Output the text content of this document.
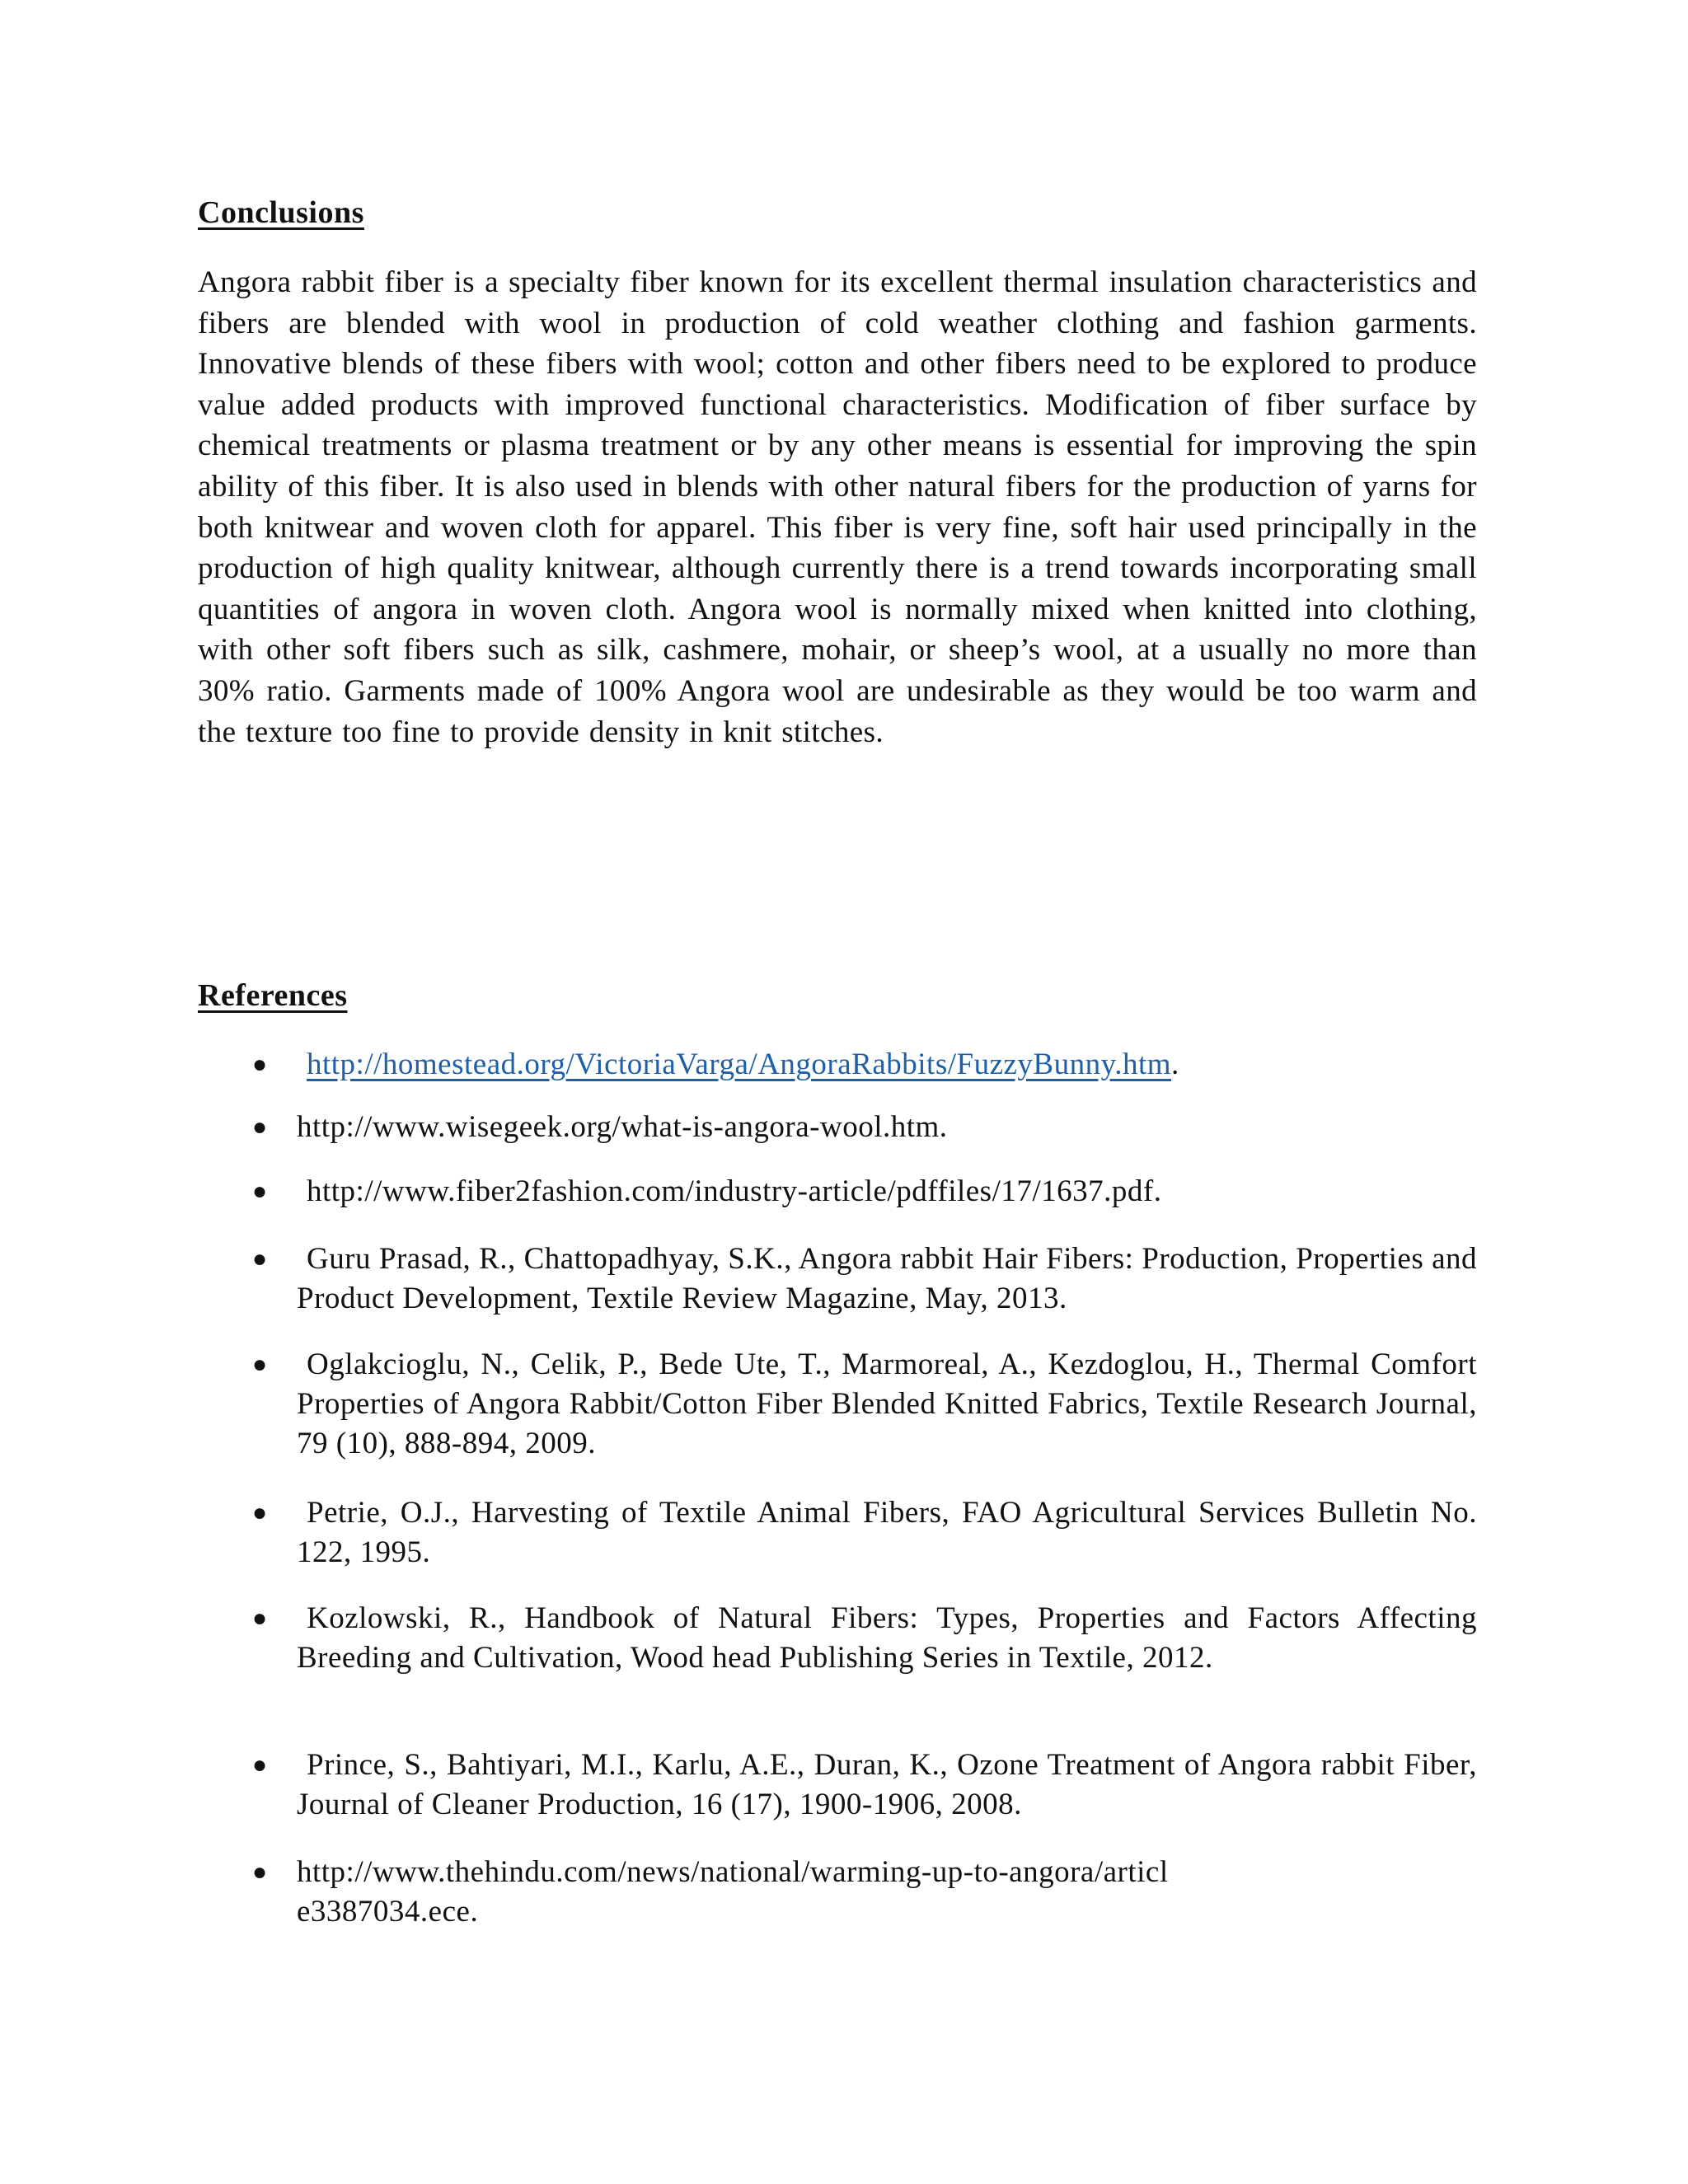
Conclusions

Angora rabbit fiber is a specialty fiber known for its excellent thermal insulation characteristics and fibers are blended with wool in production of cold weather clothing and fashion garments. Innovative blends of these fibers with wool; cotton and other fibers need to be explored to produce value added products with improved functional characteristics. Modification of fiber surface by chemical treatments or plasma treatment or by any other means is essential for improving the spin ability of this fiber. It is also used in blends with other natural fibers for the production of yarns for both knitwear and woven cloth for apparel. This fiber is very fine, soft hair used principally in the production of high quality knitwear, although currently there is a trend towards incorporating small quantities of angora in woven cloth. Angora wool is normally mixed when knitted into clothing, with other soft fibers such as silk, cashmere, mohair, or sheep’s wool, at a usually no more than 30% ratio. Garments made of 100% Angora wool are undesirable as they would be too warm and the texture too fine to provide density in knit stitches.

References
●	http://homestead.org/VictoriaVarga/AngoraRabbits/FuzzyBunny.htm.
● http://www.wisegeek.org/what-is-angora-wool.htm.
●	http://www.fiber2fashion.com/industry-article/pdffiles/17/1637.pdf.
●	Guru Prasad, R., Chattopadhyay, S.K., Angora rabbit Hair Fibers: Production, Properties and Product Development, Textile Review Magazine, May, 2013.
●	Oglakcioglu, N., Celik, P., Bede Ute, T., Marmoreal, A., Kezdoglou, H., Thermal Comfort Properties of Angora Rabbit/Cotton Fiber Blended Knitted Fabrics, Textile Research Journal, 79 (10), 888-894, 2009.
●	Petrie, O.J., Harvesting of Textile Animal Fibers, FAO Agricultural Services Bulletin No. 122, 1995.
●	Kozlowski, R., Handbook of Natural Fibers: Types, Properties and Factors Affecting Breeding and Cultivation, Wood head Publishing Series in Textile, 2012.
●	Prince, S., Bahtiyari, M.I., Karlu, A.E., Duran, K., Ozone Treatment of Angora rabbit Fiber, Journal of Cleaner Production, 16 (17), 1900-1906, 2008.
● http://www.thehindu.com/news/national/warming-up-to-angora/article3387034.ece.
